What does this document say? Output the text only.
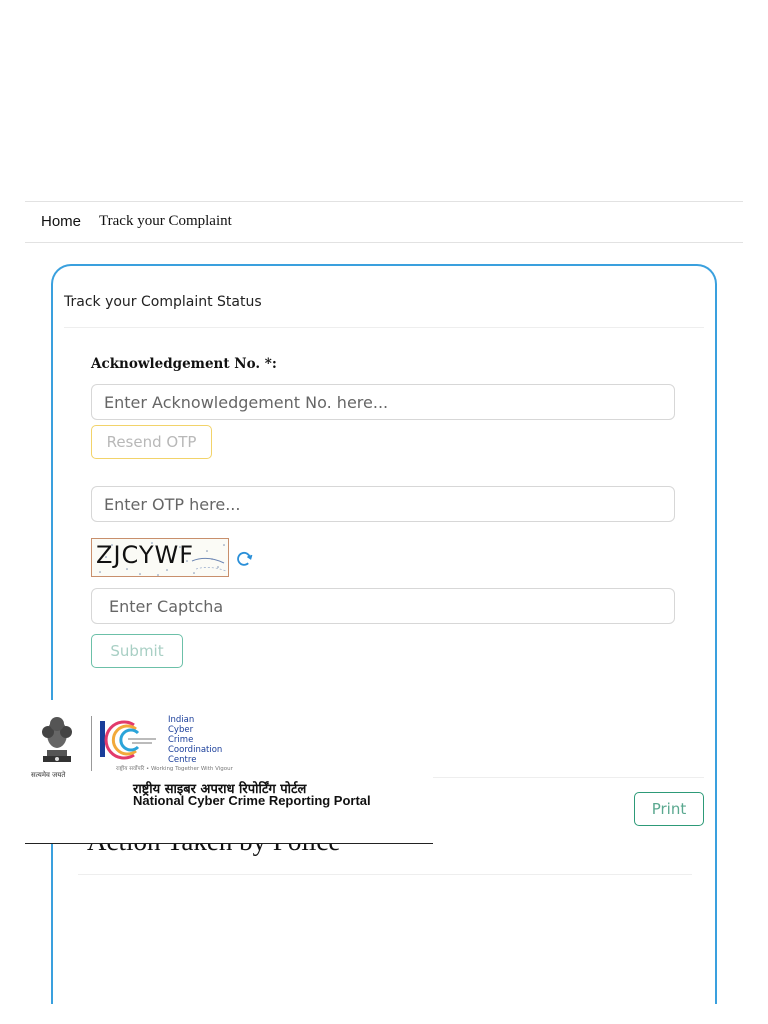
Home Track your Complaint
Track your Complaint Status
Acknowledgement No. *:
Enter Acknowledgement No. here...
Resend OTP
Enter OTP here...
ZJCYWF
Enter Captcha
Submit
Print
सत्यमेव जयते
Indian
Cyber
Crime
Coordination
Centre
राष्ट्रीय सर्वोपरि • Working Together With Vigour
राष्ट्रीय साइबर अपराध रिपोर्टिंग पोर्टल
National Cyber Crime Reporting Portal
